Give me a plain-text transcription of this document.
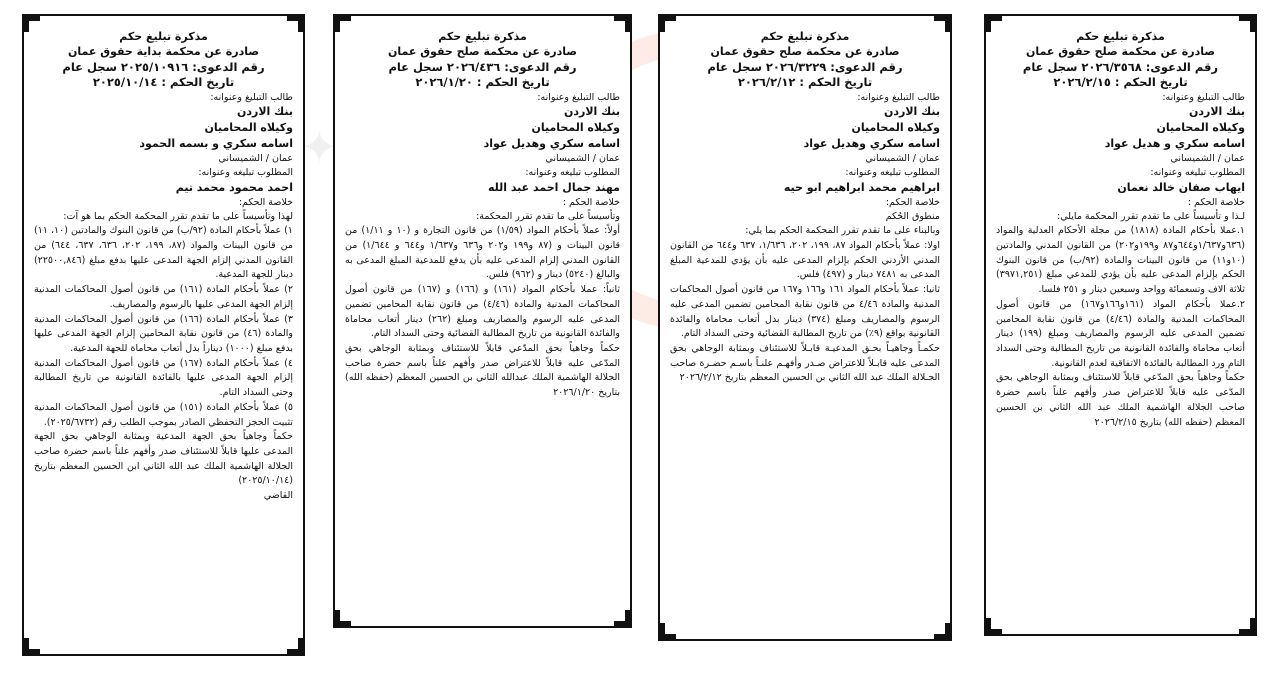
✦
مذكرة تبليغ حكم
صادرة عن محكمة بداية حقوق عمان
رقم الدعوى: ٢٠٢٥/١٠٩١٦ سجل عام
تاريخ الحكم : ٢٠٢٥/١٠/١٤
طالب التبليغ وعنوانه:
بنك الاردن
وكيلاه المحاميان
اسامه سكري و بسمه الحمود
عمان / الشميساني
المطلوب تبليغه وعنوانه:
احمد محمود محمد تيم
خلاصة الحكم:
لهذا وتأسيساً على ما تقدم تقرر المحكمة الحكم بما هو آت:
١) عملاً بأحكام المادة (٩٢/ب) من قانون البنوك والمادتين (١٠، ١١) من قانون البينات والمواد (٨٧، ١٩٩، ٢٠٢، ٦٣٦، ٦٣٧، ٦٤٤) من القانون المدني إلزام الجهة المدعى عليها بدفع مبلغ (٢٢٥٠٠,٨٤٦) دينار للجهة المدعية.
٢) عملاً بأحكام المادة (١٦١) من قانون أصول المحاكمات المدنية إلزام الجهة المدعى عليها بالرسوم والمصاريف.
٣) عملاً بأحكام المادة (١٦٦) من قانون أصول المحاكمات المدنية والمادة (٤٦) من قانون نقابة المحامين إلزام الجهة المدعى عليها بدفع مبلغ (١٠٠٠) ديناراً بدل أتعاب محاماة للجهة المدعية.
٤) عملاً بأحكام المادة (١٦٧) من قانون أصول المحاكمات المدنية إلزام الجهة المدعى عليها بالفائدة القانونية من تاريخ المطالبة وحتى السداد التام.
٥) عملاً بأحكام المادة (١٥١) من قانون أصول المحاكمات المدنية تثبيت الحجز التحفظي الصادر بموجب الطلب رقم (٢٠٢٥/٦٧٣٢).
حكماً وجاهياً بحق الجهة المدعية وبمثابة الوجاهي بحق الجهة المدعى عليها قابلاً للاستئناف صدر وأفهم علناً باسم حضرة صاحب الجلالة الهاشمية الملك عبد الله الثاني ابن الحسين المعظم بتاريخ (٢٠٢٥/١٠/١٤)
القاضي
مذكرة تبليغ حكم
صادرة عن محكمة صلح حقوق عمان
رقم الدعوى: ٢٠٢٦/٤٣٦ سجل عام
تاريخ الحكم : ٢٠٢٦/١/٢٠
طالب التبليغ وعنوانه:
بنك الاردن
وكيلاه المحاميان
اسامه سكري وهديل عواد
عمان / الشميساني
المطلوب تبليغه وعنوانه:
مهند جمال احمد عبد الله
خلاصة الحكم :
وتأسيساً على ما تقدم تقرر المحكمة:
أولاً: عملاً بأحكام المواد (١/٥٩) من قانون التجارة و (١٠ و ١/١١) من قانون البينات و (٨٧ و١٩٩ و٢٠٢ و٦٣٦ و١/٦٣٧ و٦٤٤ و ١/٦٤٤) من القانون المدني إلزام المدعى عليه بأن يدفع للمدعية المبلغ المدعى به والبالغ (٥٢٤٠) دينار و (٩٦٢) فلس.
ثانياً: عملا بأحكام المواد (١٦١) و (١٦٦) و (١٦٧) من قانون أصول المحاكمات المدنية والمادة (٤/٤٦) من قانون نقابة المحامين تضمين المدعى عليه الرسوم والمصاريف ومبلغ (٢٦٢) دينار أتعاب محاماة والفائدة القانونية من تاريخ المطالبة القضائية وحتى السداد التام.
حكماً وجاهياً بحق المدّعي قابلاً للاستئناف وبمثابة الوجاهي بحق المدّعى عليه قابلاً للاعتراض صدر وأفهم علناً باسم حضرة صاحب الجلالة الهاشمية الملك عبدالله الثاني بن الحسين المعظم (حفظه الله) بتاريخ ٢٠٢٦/١/٢٠
مذكرة تبليغ حكم
صادرة عن محكمة صلح حقوق عمان
رقم الدعوى: ٢٠٢٦/٣٢٢٩ سجل عام
تاريخ الحكم : ٢٠٢٦/٢/١٢
طالب التبليغ وعنوانه:
بنك الاردن
وكيلاه المحاميان
اسامه سكري وهديل عواد
عمان / الشميساني
المطلوب تبليغه وعنوانه:
ابراهيم محمد ابراهيم ابو حيه
خلاصة الحكم:
منطوق الحُكم
وبالبناء على ما تقدم تقرر المحكمة الحكم بما يلي:
اولا: عملاً بأحكام المواد ٨٧، ١٩٩، ٢٠٢، ١/٦٣٦، ٦٣٧ و٦٤٤ من القانون المدني الأردني الحكم بإلزام المدعى عليه بأن يؤدي للمدعية المبلغ المدعى به ٧٤٨١ دينار و (٤٩٧) فلس.
ثانيا: عملاً بأحكام المواد ١٦١ و١٦٦ و١٦٧ من قانون أصول المحاكمات المدنية والمادة ٤/٤٦ من قانون نقابة المحامين تضمين المدعى عليه الرسوم والمصاريف ومبلغ (٣٧٤) دينار بدل أتعاب محاماة والفائدة القانونية بواقع (٩٪) من تاريخ المطالبة القضائية وحتى السداد التام.
حكمـاً وجاهيـاً بحـق المدعيـة قابـلاً للاستئناف وبمثابة الوجاهي بحق المدعى عليه قابـلاً للاعتراض صـدر وأفهـم علنـاً باسـم حضـرة صاحب الجـلالة الملك عبد الله الثاني بن الحسين المعظم بتاريخ ٢٠٢٦/٢/١٢
مذكرة تبليغ حكم
صادرة عن محكمة صلح حقوق عمان
رقم الدعوى: ٢٠٢٦/٣٥٦٨ سجل عام
تاريخ الحكم : ٢٠٢٦/٢/١٥
طالب التبليغ وعنوانه:
بنك الاردن
وكيلاه المحاميان
اسامه سكري و هديل عواد
عمان / الشميساني
المطلوب تبليغه وعنوانه:
ايهاب صفان خالد نعمان
خلاصة الحكم :
لـذا و تأسيساً على ما تقدم تقرر المحكمة مايلي:
١.عملا بأحكام المادة (١٨١٨) من مجلة الأحكام العدلية والمواد (٦٣٦و١/٦٣٧و٦٤٤و٨٧ و١٩٩و٢٠٢) من القانون المدني والمادتين (١٠و١١) من قانون البينات والمادة (٩٢/ب) من قانون البنوك الحكم بإلزام المدعى عليه بأن يؤدي للمدعي مبلغ (٣٩٧١,٢٥١) ثلاثة الاف وتسعمائة وواحد وسبعين دينار و ٢٥١ فلسا.
٢.عملا بأحكام المواد (١٦١و١٦٦و١٦٧) من قانون أصول المحاكمات المدنية والمادة (٤/٤٦) من قانون نقابة المحامين تضمين المدعى عليه الرسوم والمصاريف ومبلغ (١٩٩) دينار أتعاب محاماة والفائدة القانونية من تاريخ المطالبة وحتى السداد التام ورد المطالبة بالفائدة الاتفاقية لعدم القانونية.
حكماً وجاهياً بحق المدّعي قابلاً للاستئناف وبمثابة الوجاهي بحق المدّعى عليه قابلاً للاعتراض صدر وأفهم علناً باسم حضرة صاحب الجلالة الهاشمية الملك عبد الله الثاني بن الحسين المعظم (حفظه الله) بتاريخ ٢٠٢٦/٢/١٥
